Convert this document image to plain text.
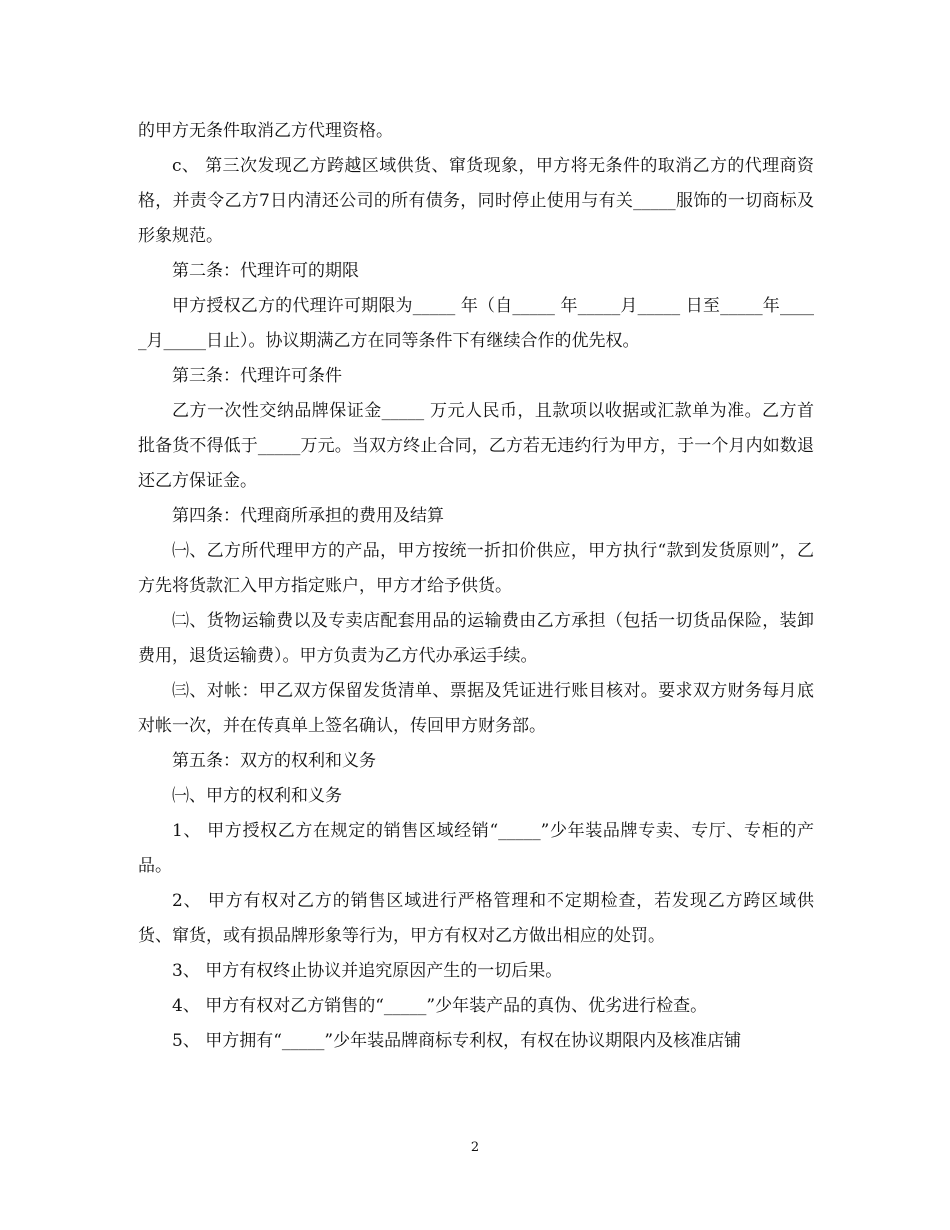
的甲方无条件取消乙方代理资格。

c、 第三次发现乙方跨越区域供货、窜货现象，甲方将无条件的取消乙方的代理商资格，并责令乙方7日内清还公司的所有债务，同时停止使用与有关_____服饰的一切商标及形象规范。

第二条：代理许可的期限

甲方授权乙方的代理许可期限为_____ 年（自_____ 年_____月_____ 日至_____年_____月_____日止）。协议期满乙方在同等条件下有继续合作的优先权。

第三条：代理许可条件

乙方一次性交纳品牌保证金_____ 万元人民币，且款项以收据或汇款单为准。乙方首批备货不得低于_____万元。当双方终止合同，乙方若无违约行为甲方，于一个月内如数退还乙方保证金。

第四条：代理商所承担的费用及结算

㈠、乙方所代理甲方的产品，甲方按统一折扣价供应，甲方执行“款到发货原则”，乙方先将货款汇入甲方指定账户，甲方才给予供货。

㈡、货物运输费以及专卖店配套用品的运输费由乙方承担（包括一切货品保险，装卸费用，退货运输费）。甲方负责为乙方代办承运手续。

㈢、对帐：甲乙双方保留发货清单、票据及凭证进行账目核对。要求双方财务每月底对帐一次，并在传真单上签名确认，传回甲方财务部。

第五条：双方的权利和义务

㈠、甲方的权利和义务

1、 甲方授权乙方在规定的销售区域经销“_____”少年装品牌专卖、专厅、专柜的产品。

2、 甲方有权对乙方的销售区域进行严格管理和不定期检查，若发现乙方跨区域供货、窜货，或有损品牌形象等行为，甲方有权对乙方做出相应的处罚。

3、 甲方有权终止协议并追究原因产生的一切后果。

4、 甲方有权对乙方销售的“_____”少年装产品的真伪、优劣进行检查。

5、 甲方拥有“_____”少年装品牌商标专利权，有权在协议期限内及核准店铺

2
